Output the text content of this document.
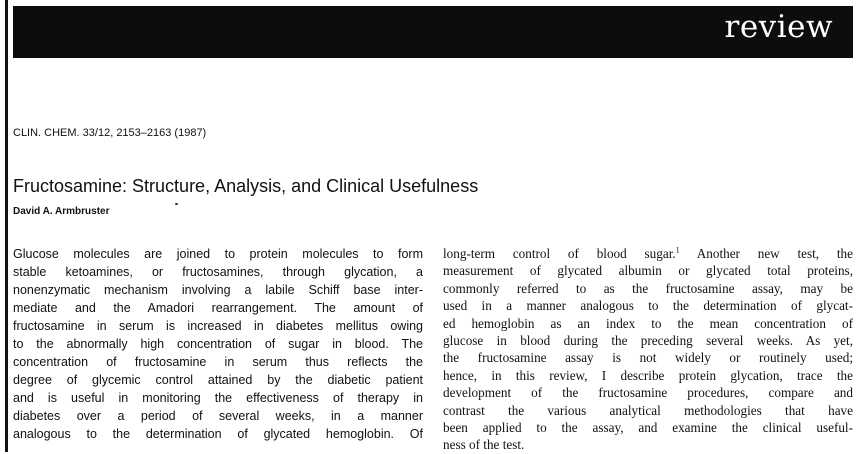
review
CLIN. CHEM. 33/12, 2153–2163 (1987)
Fructosamine: Structure, Analysis, and Clinical Usefulness
David A. Armbruster
Glucose molecules are joined to protein molecules to form
stable ketoamines, or fructosamines, through glycation, a
nonenzymatic mechanism involving a labile Schiff base inter-
mediate and the Amadori rearrangement. The amount of
fructosamine in serum is increased in diabetes mellitus owing
to the abnormally high concentration of sugar in blood. The
concentration of fructosamine in serum thus reflects the
degree of glycemic control attained by the diabetic patient
and is useful in monitoring the effectiveness of therapy in
diabetes over a period of several weeks, in a manner
analogous to the determination of glycated hemoglobin. Of
long-term control of blood sugar.$^1$ Another new test, the
measurement of glycated albumin or glycated total proteins,
commonly referred to as the fructosamine assay, may be
used in a manner analogous to the determination of glycat-
ed hemoglobin as an index to the mean concentration of
glucose in blood during the preceding several weeks. As yet,
the fructosamine assay is not widely or routinely used;
hence, in this review, I describe protein glycation, trace the
development of the fructosamine procedures, compare and
contrast the various analytical methodologies that have
been applied to the assay, and examine the clinical useful-
ness of the test.
